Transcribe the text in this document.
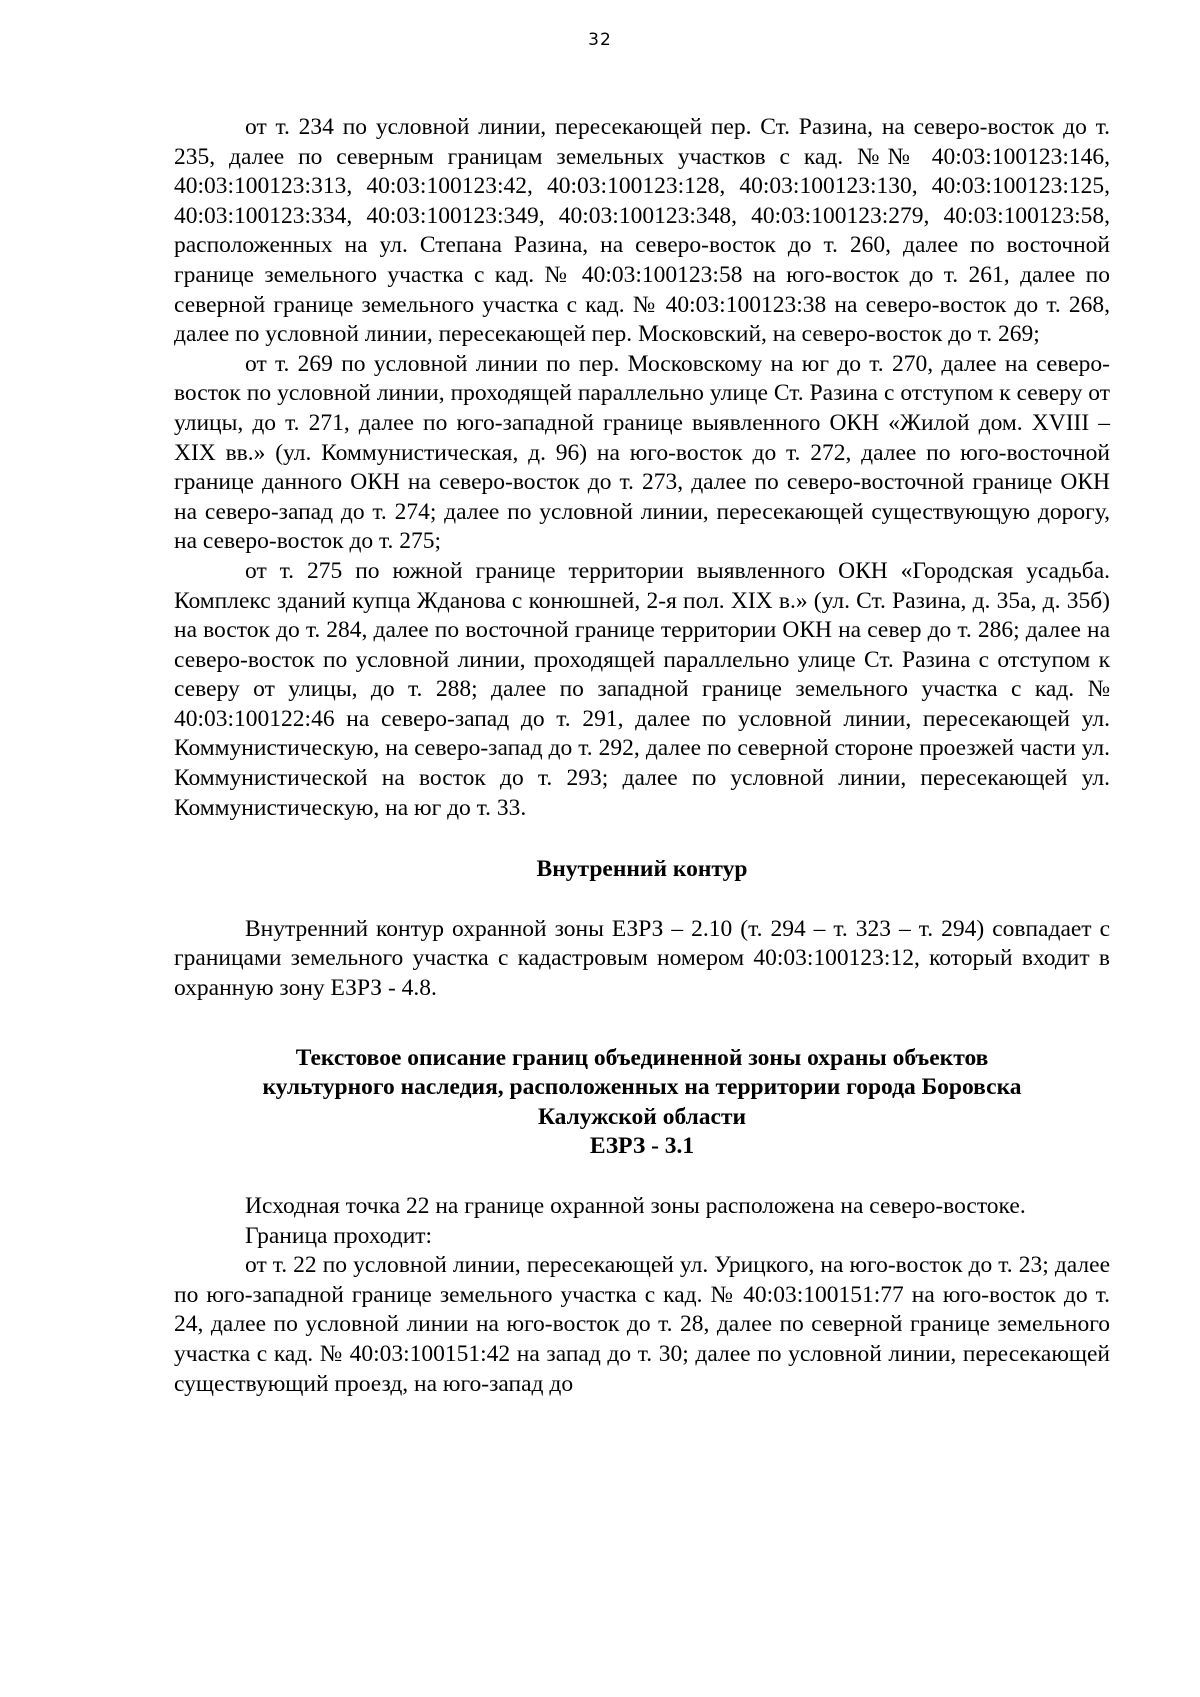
32

от т. 234 по условной линии, пересекающей пер. Ст. Разина, на северо-восток до т. 235, далее по северным границам земельных участков с кад. №№ 40:03:100123:146, 40:03:100123:313, 40:03:100123:42, 40:03:100123:128, 40:03:100123:130, 40:03:100123:125, 40:03:100123:334, 40:03:100123:349, 40:03:100123:348, 40:03:100123:279, 40:03:100123:58, расположенных на ул. Степана Разина, на северо-восток до т. 260, далее по восточной границе земельного участка с кад. № 40:03:100123:58 на юго-восток до т. 261, далее по северной границе земельного участка с кад. № 40:03:100123:38 на северо-восток до т. 268, далее по условной линии, пересекающей пер. Московский, на северо-восток до т. 269;

от т. 269 по условной линии по пер. Московскому на юг до т. 270, далее на северо-восток по условной линии, проходящей параллельно улице Ст. Разина с отступом к северу от улицы, до т. 271, далее по юго-западной границе выявленного ОКН «Жилой дом. XVIII – XIX вв.» (ул. Коммунистическая, д. 96) на юго-восток до т. 272, далее по юго-восточной границе данного ОКН на северо-восток до т. 273, далее по северо-восточной границе ОКН на северо-запад до т. 274; далее по условной линии, пересекающей существующую дорогу, на северо-восток до т. 275;

от т. 275 по южной границе территории выявленного ОКН «Городская усадьба. Комплекс зданий купца Жданова с конюшней, 2-я пол. XIX в.» (ул. Ст. Разина, д. 35а, д. 35б) на восток до т. 284, далее по восточной границе территории ОКН на север до т. 286; далее на северо-восток по условной линии, проходящей параллельно улице Ст. Разина с отступом к северу от улицы, до т. 288; далее по западной границе земельного участка с кад. № 40:03:100122:46 на северо-запад до т. 291, далее по условной линии, пересекающей ул. Коммунистическую, на северо-запад до т. 292, далее по северной стороне проезжей части ул. Коммунистической на восток до т. 293; далее по условной линии, пересекающей ул. Коммунистическую, на юг до т. 33.

Внутренний контур

Внутренний контур охранной зоны ЕЗРЗ – 2.10 (т. 294 – т. 323 – т. 294) совпадает с границами земельного участка с кадастровым номером 40:03:100123:12, который входит в охранную зону ЕЗРЗ - 4.8.

Текстовое описание границ объединенной зоны охраны объектов

культурного наследия, расположенных на территории города Боровска

Калужской области

ЕЗРЗ - 3.1

Исходная точка 22 на границе охранной зоны расположена на северо-востоке.

Граница проходит:

от т. 22 по условной линии, пересекающей ул. Урицкого, на юго-восток до т. 23; далее по юго-западной границе земельного участка с кад. № 40:03:100151:77 на юго-восток до т. 24, далее по условной линии на юго-восток до т. 28, далее по северной границе земельного участка с кад. № 40:03:100151:42 на запад до т. 30; далее по условной линии, пересекающей существующий проезд, на юго-запад до
